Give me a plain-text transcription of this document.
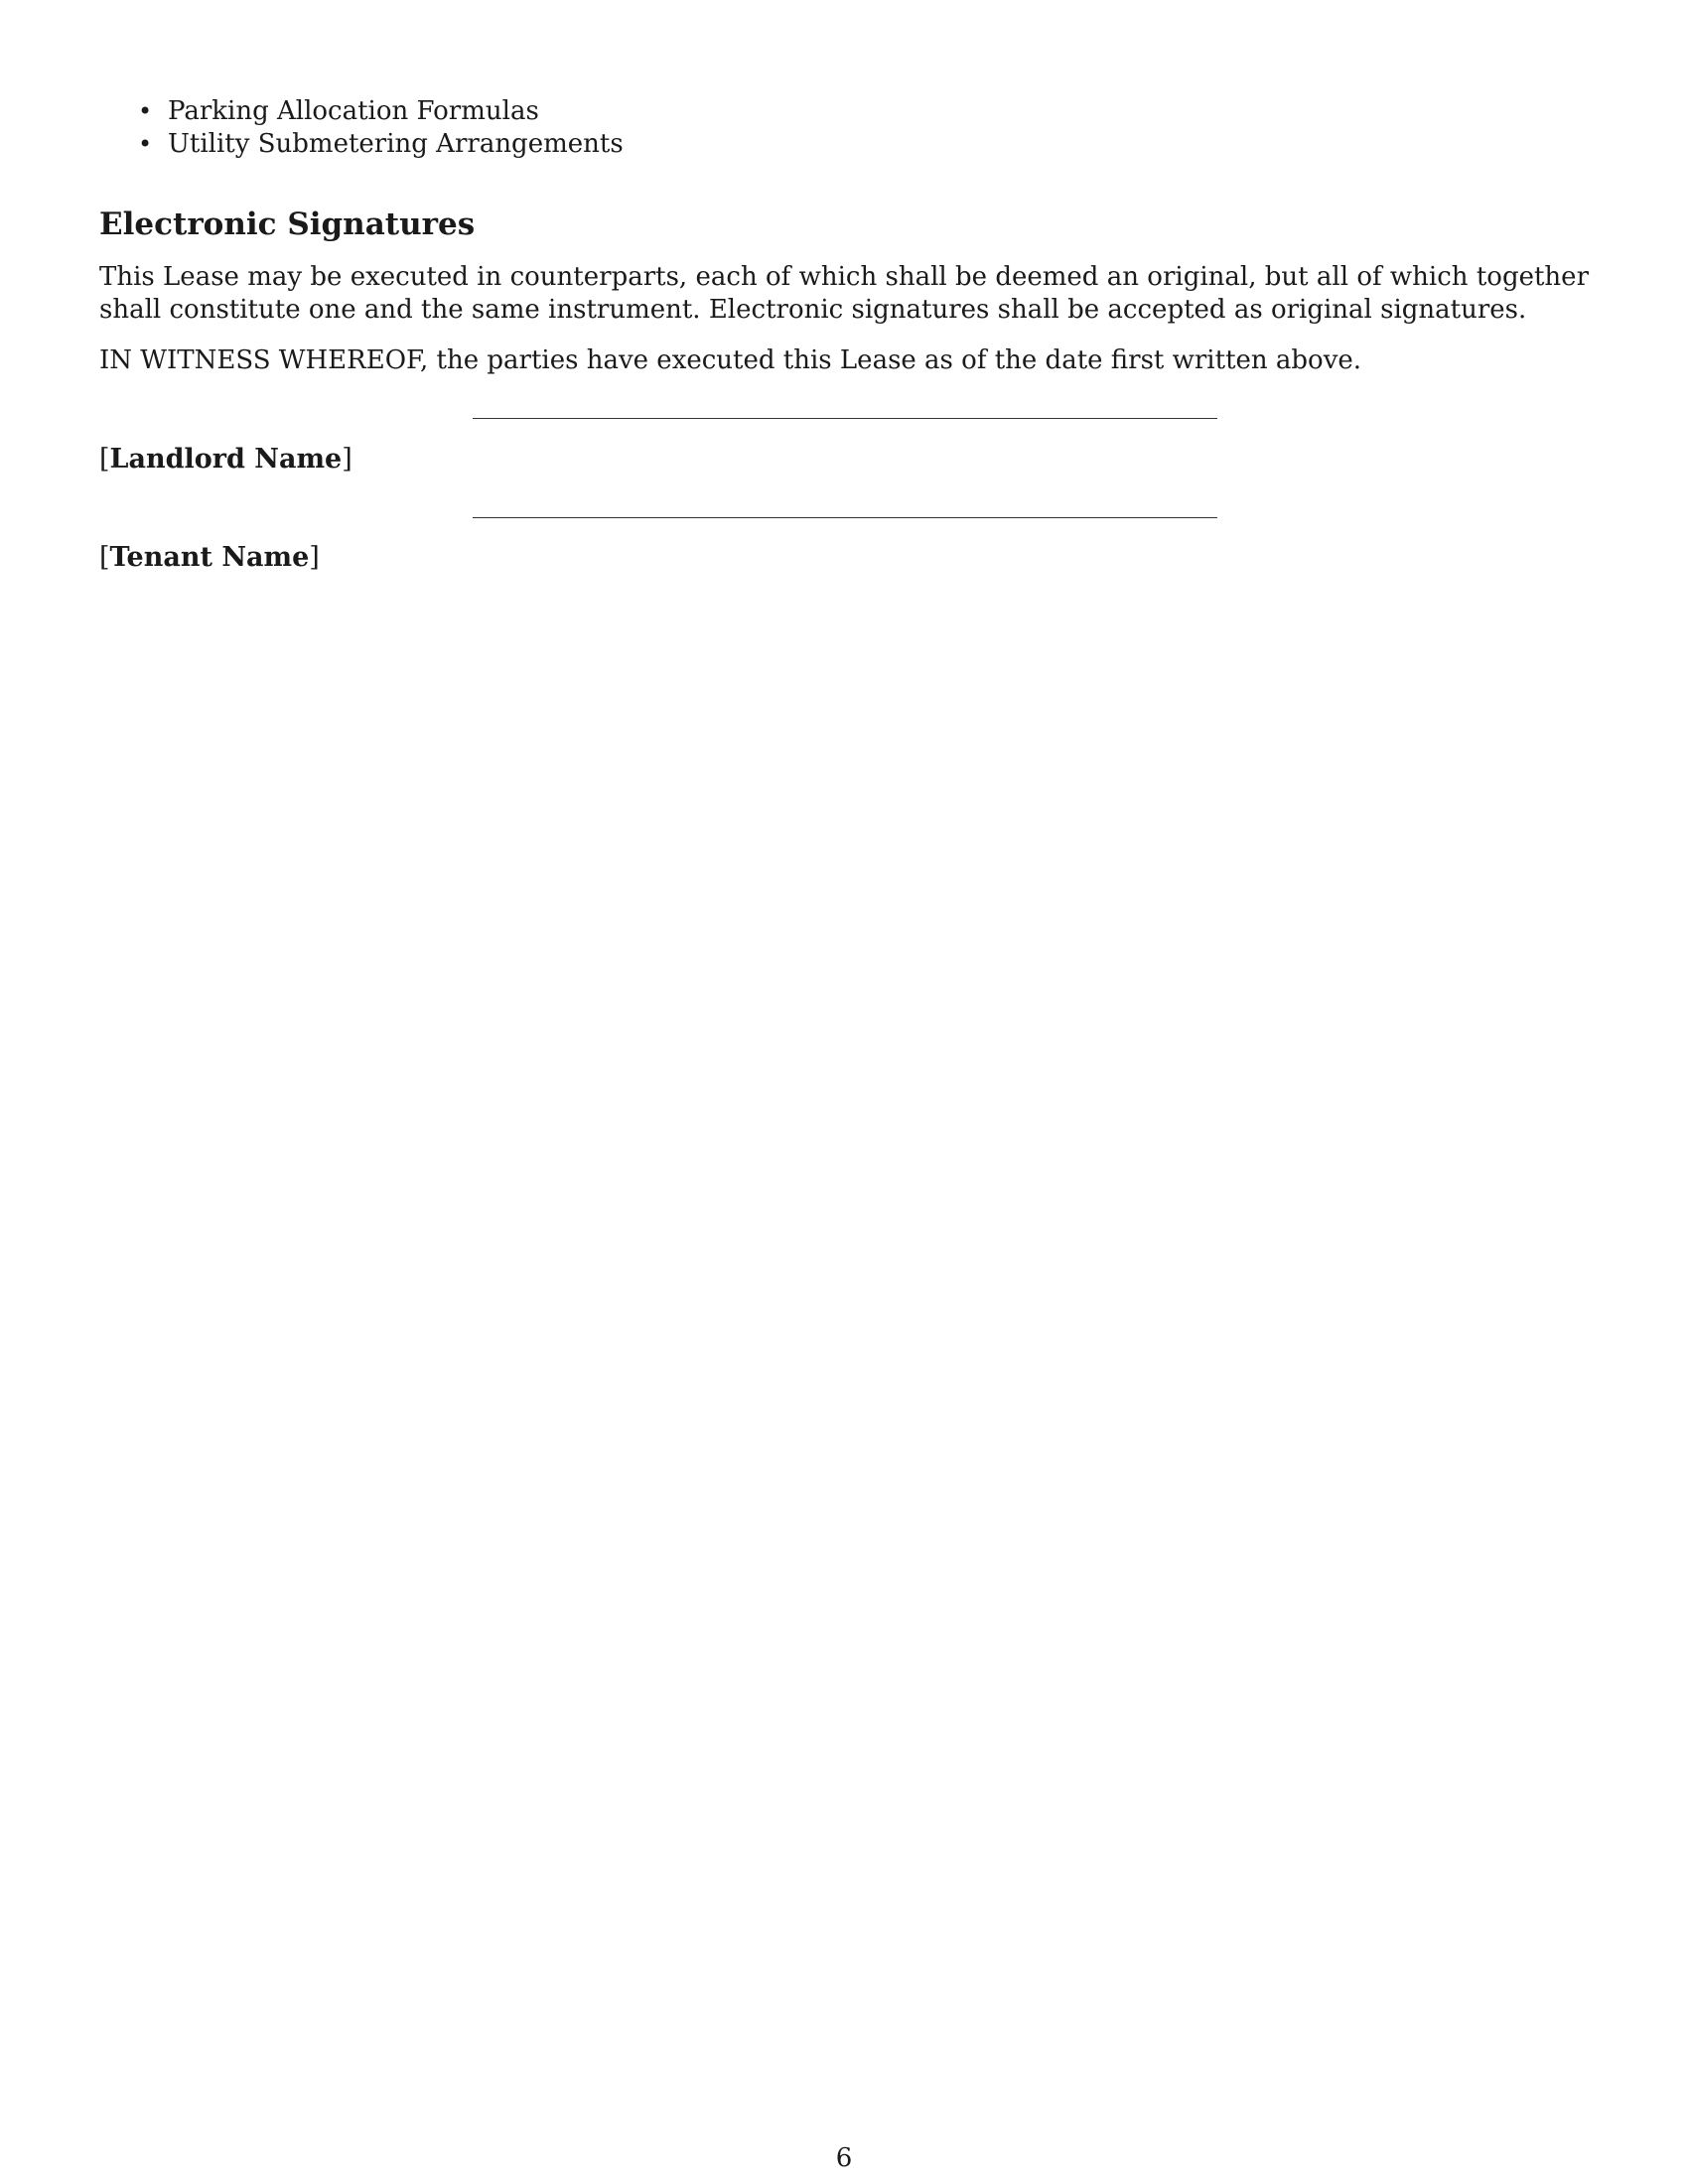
• Parking Allocation Formulas
• Utility Submetering Arrangements
Electronic Signatures

This Lease may be executed in counterparts, each of which shall be deemed an original, but all of which together shall constitute one and the same instrument. Electronic signatures shall be accepted as original signatures.

IN WITNESS WHEREOF, the parties have executed this Lease as of the date first written above.

[Landlord Name]

[Tenant Name]

6
